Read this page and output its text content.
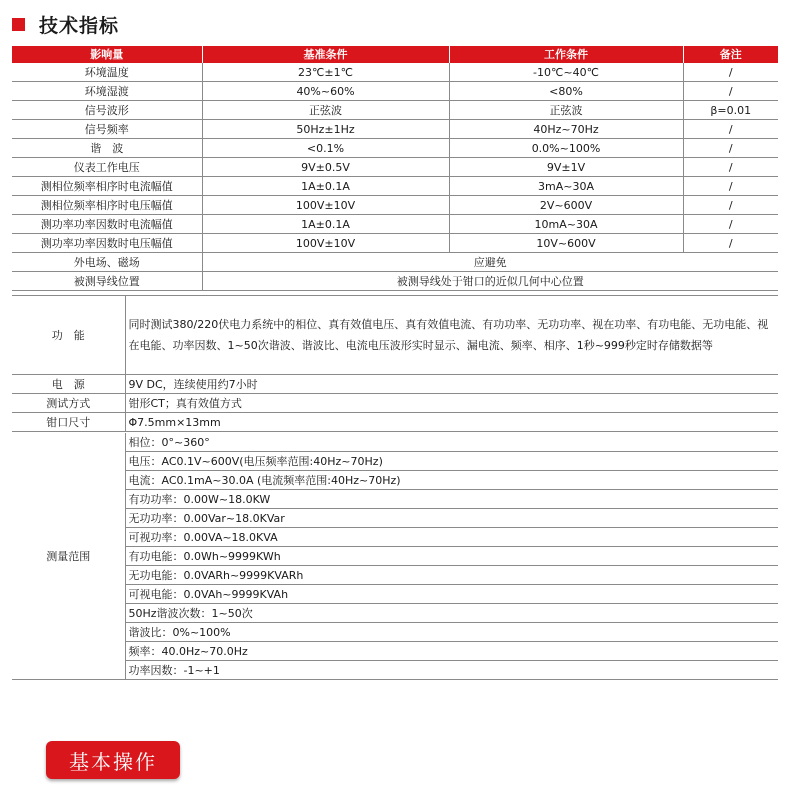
技术指标
影响量	基准条件	工作条件	备注
环境温度	23℃±1℃	-10℃~40℃	/
环境湿渡	40%~60%	<80%	/
信号波形	正弦波	正弦波	β=0.01
信号频率	50Hz±1Hz	40Hz~70Hz	/
谐　波	<0.1%	0.0%~100%	/
仪表工作电压	9V±0.5V	9V±1V	/
测相位频率相序时电流幅值	1A±0.1A	3mA~30A	/
测相位频率相序时电压幅值	100V±10V	2V~600V	/
测功率功率因数时电流幅值	1A±0.1A	10mA~30A	/
测功率功率因数时电压幅值	100V±10V	10V~600V	/
外电场、磁场	应避免		
被测导线位置	被测导线处于钳口的近似几何中心位置		
功　能	同时测试380/220伏电力系统中的相位、真有效值电压、真有效值电流、有功功率、无功功率、视在功率、有功电能、无功电能、视在电能、功率因数、1~50次谐波、谐波比、电流电压波形实时显示、漏电流、频率、相序、1秒~999秒定时存储数据等
电　源	9V DC，连续使用约7小时
测试方式	钳形CT；真有效值方式
钳口尺寸	Φ7.5mm×13mm
测量范围	相位：0°~360°
电压：AC0.1V~600V(电压频率范围:40Hz~70Hz)
电流：AC0.1mA~30.0A (电流频率范围:40Hz~70Hz)
有功功率：0.00W~18.0KW
无功功率：0.00Var~18.0KVar
可视功率：0.00VA~18.0KVA
有功电能：0.0Wh~9999KWh
无功电能：0.0VARh~9999KVARh
可视电能：0.0VAh~9999KVAh
50Hz谐波次数：1~50次
谐波比：0%~100%
频率：40.0Hz~70.0Hz
功率因数：-1~+1
基本操作
